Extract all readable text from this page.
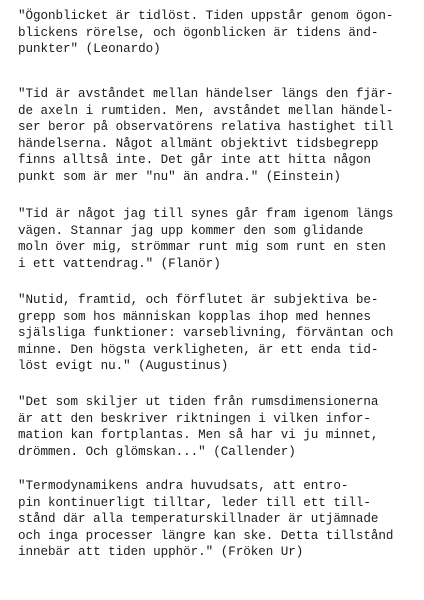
"Ögonblicket är tidlöst. Tiden uppstår genom ögon-
blickens rörelse, och ögonblicken är tidens änd-
punkter" (Leonardo)
"Tid är avståndet mellan händelser längs den fjär-
de axeln i rumtiden. Men, avståndet mellan händel-
ser beror på observatörens relativa hastighet till
händelserna. Något allmänt objektivt tidsbegrepp
finns alltså inte. Det går inte att hitta någon
punkt som är mer "nu" än andra." (Einstein)
"Tid är något jag till synes går fram igenom längs
vägen. Stannar jag upp kommer den som glidande
moln över mig, strömmar runt mig som runt en sten
i ett vattendrag." (Flanör)
"Nutid, framtid, och förflutet är subjektiva be-
grepp som hos människan kopplas ihop med hennes
själsliga funktioner: varseblivning, förväntan och
minne. Den högsta verkligheten, är ett enda tid-
löst evigt nu." (Augustinus)
"Det som skiljer ut tiden från rumsdimensionerna
är att den beskriver riktningen i vilken infor-
mation kan fortplantas. Men så har vi ju minnet,
drömmen. Och glömskan..." (Callender)
"Termodynamikens andra huvudsats, att entro-
pin kontinuerligt tilltar, leder till ett till-
stånd där alla temperaturskillnader är utjämnade
och inga processer längre kan ske. Detta tillstånd
innebär att tiden upphör." (Fröken Ur)
